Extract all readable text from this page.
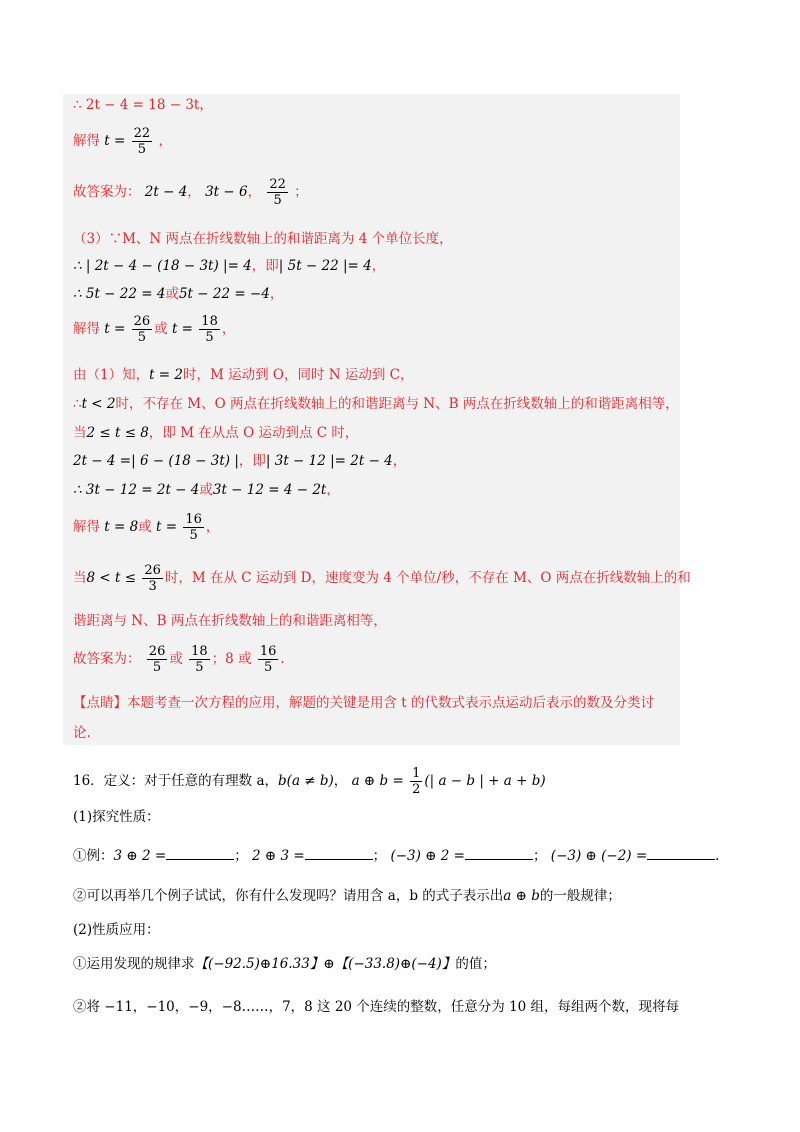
∴ 2t − 4 = 18 − 3t，
解得 $t = \frac{22}{5}$ ，
故答案为： 2t − 4， 3t − 6， $\frac{22}{5}$ ；
（3）∵M、N 两点在折线数轴上的和谐距离为 4 个单位长度，
∴ | 2t − 4 − (18 − 3t) |= 4，即| 5t − 22 |= 4，
∴ 5t − 22 = 4或5t − 22 = −4，
解得 $t = \frac{26}{5}$ 或 $t = \frac{18}{5}$ ，
由（1）知，t = 2时，M 运动到 O，同时 N 运动到 C，
∴t < 2时，不存在 M、O 两点在折线数轴上的和谐距离与 N、B 两点在折线数轴上的和谐距离相等，
当2 ≤ t ≤ 8，即 M 在从点 O 运动到点 C 时，
2t − 4 =| 6 − (18 − 3t) |，即| 3t − 12 |= 2t − 4，
∴ 3t − 12 = 2t − 4或3t − 12 = 4 − 2t，
解得 t = 8或 $t = \frac{16}{5}$ ，
当$8 < t \le \frac{26}{3}$ 时，M 在从 C 运动到 D，速度变为 4 个单位/秒，不存在 M、O 两点在折线数轴上的和
谐距离与 N、B 两点在折线数轴上的和谐距离相等，
故答案为： $\frac{26}{5}$ 或 $\frac{18}{5}$ ；8 或 $\frac{16}{5}$ .
【点睛】本题考查一次方程的应用，解题的关键是用含 t 的代数式表示点运动后表示的数及分类讨
论.
16．定义：对于任意的有理数 a，b(a ≠ b)， a ⊕ $b = \frac{1}{2}$ (| a − b | + a + b)
(1)探究性质：
①例：3 ⊕ 2 =	； 2 ⊕ 3 =	； (−3) ⊕ 2 =	； (−3) ⊕ (−2) =	.
②可以再举几个例子试试，你有什么发现吗？请用含 a，b 的式子表示出a ⊕ b的一般规律；
(2)性质应用：
①运用发现的规律求【(−92.5)⊕16.33】⊕【(−33.8)⊕(−4)】的值；
②将 −11，−10，−9，−8……，7，8 这 20 个连续的整数，任意分为 10 组，每组两个数，现将每
